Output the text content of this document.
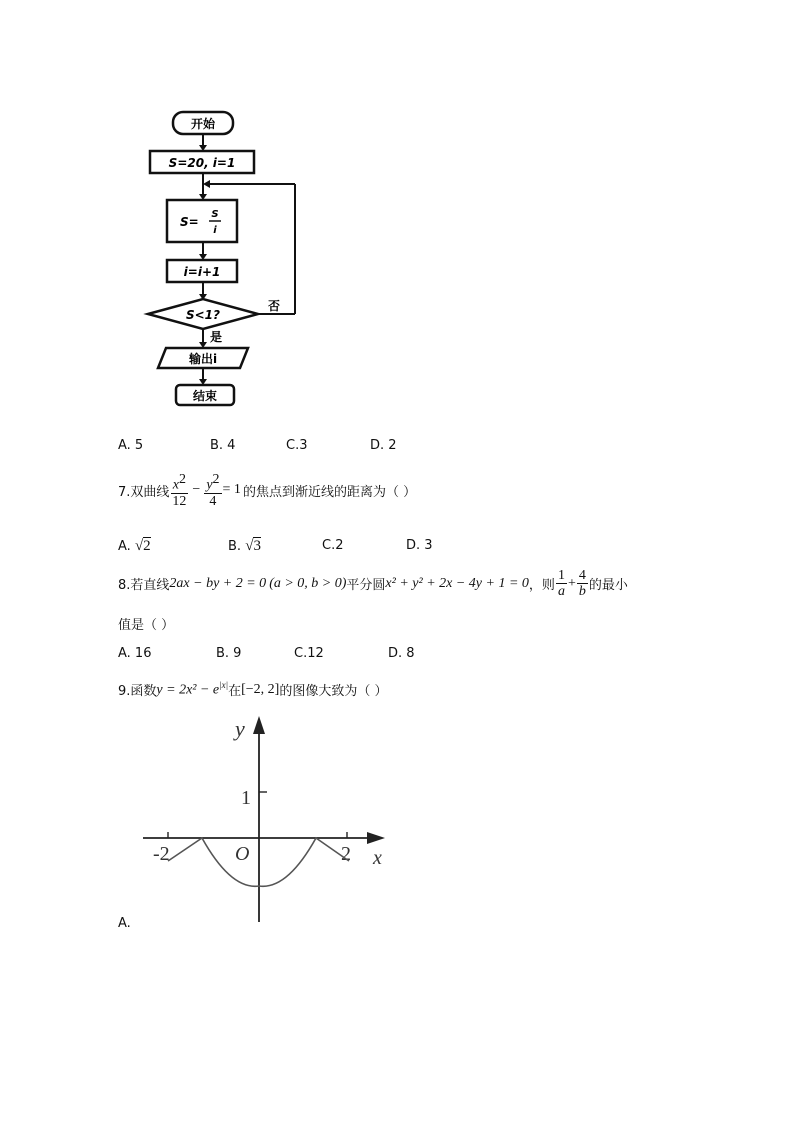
开始
S=20, i=1
S=
S
i
i=i+1
S<1?
否
是
输出i
结束
A. 5	B. 4	C.3	D. 2
7.双曲线 $\frac{x^2}{12} - \frac{y^2}{4} = 1$ 的焦点到渐近线的距离为（ ）
A. √2	B. √3	C.2	D. 3
8.若直线 2ax − by + 2 = 0 (a > 0, b > 0) 平分圆 x² + y² + 2x − 4y + 1 = 0 ，则 $\frac{1}{a} + \frac{4}{b}$ 的最小
值是（ ）
A. 16	B. 9	C.12	D. 8
9.函数 $y = 2x^2 - e^{|x|}$ 在 [−2, 2] 的图像大致为（ ）
y
x
1
O
-2	2
A.
